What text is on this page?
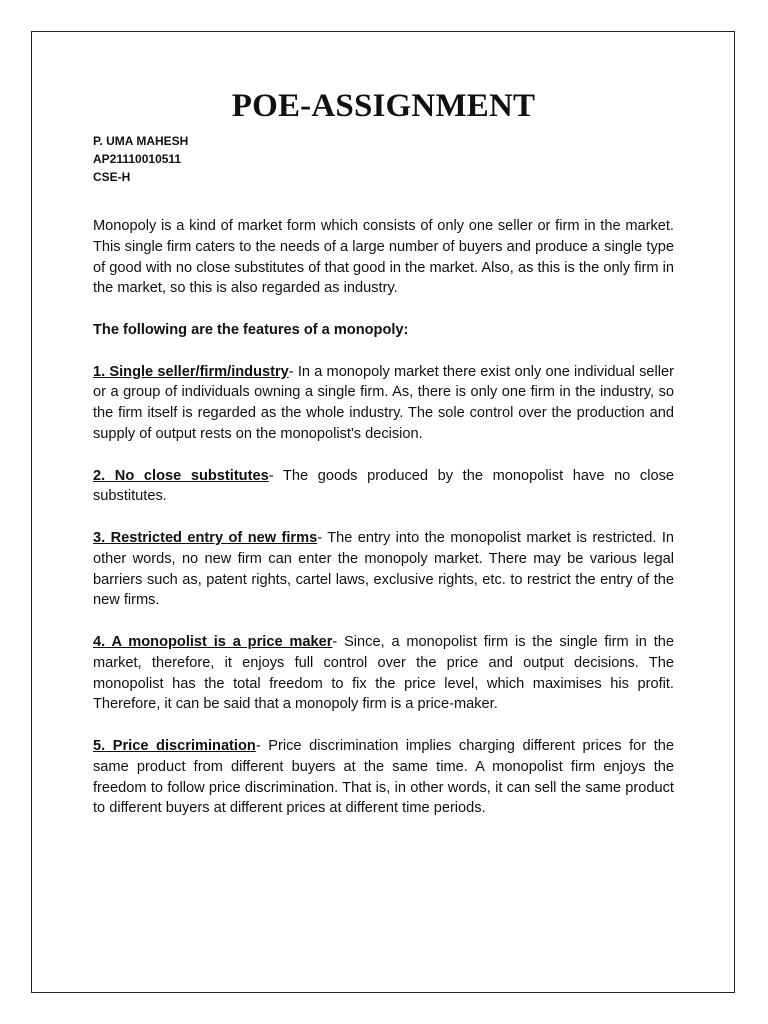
POE-ASSIGNMENT
P. UMA MAHESH
AP21110010511
CSE-H

Monopoly is a kind of market form which consists of only one seller or firm in the market. This single firm caters to the needs of a large number of buyers and produce a single type of good with no close substitutes of that good in the market. Also, as this is the only firm in the market, so this is also regarded as industry.

The following are the features of a monopoly:

1. Single seller/firm/industry- In a monopoly market there exist only one individual seller or a group of individuals owning a single firm. As, there is only one firm in the industry, so the firm itself is regarded as the whole industry. The sole control over the production and supply of output rests on the monopolist's decision.

2. No close substitutes- The goods produced by the monopolist have no close substitutes.

3. Restricted entry of new firms- The entry into the monopolist market is restricted. In other words, no new firm can enter the monopoly market. There may be various legal barriers such as, patent rights, cartel laws, exclusive rights, etc. to restrict the entry of the new firms.

4. A monopolist is a price maker- Since, a monopolist firm is the single firm in the market, therefore, it enjoys full control over the price and output decisions. The monopolist has the total freedom to fix the price level, which maximises his profit. Therefore, it can be said that a monopoly firm is a price-maker.

5. Price discrimination- Price discrimination implies charging different prices for the same product from different buyers at the same time. A monopolist firm enjoys the freedom to follow price discrimination. That is, in other words, it can sell the same product to different buyers at different prices at different time periods.
